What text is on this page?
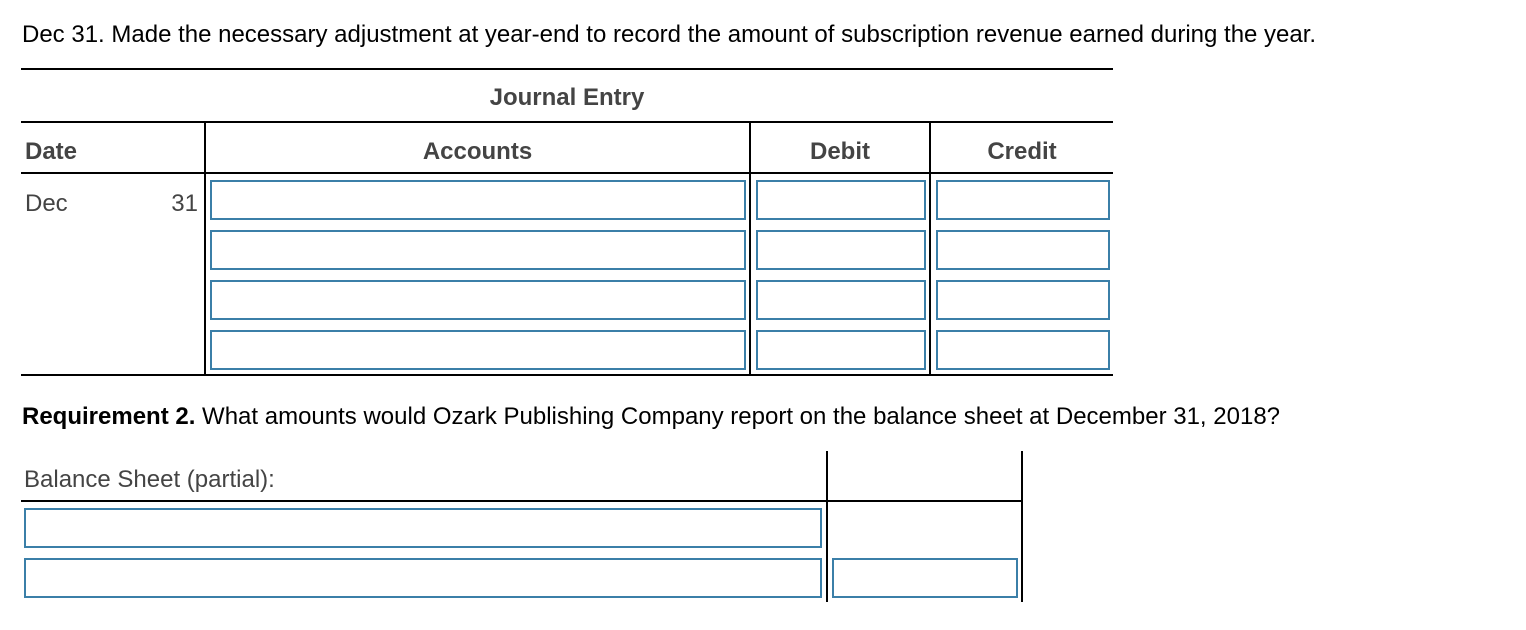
Dec 31. Made the necessary adjustment at year-end to record the amount of subscription revenue earned during the year.
Journal Entry
Date	Accounts	Debit	Credit
Dec	31
Requirement 2. What amounts would Ozark Publishing Company report on the balance sheet at December 31, 2018?
Balance Sheet (partial):
